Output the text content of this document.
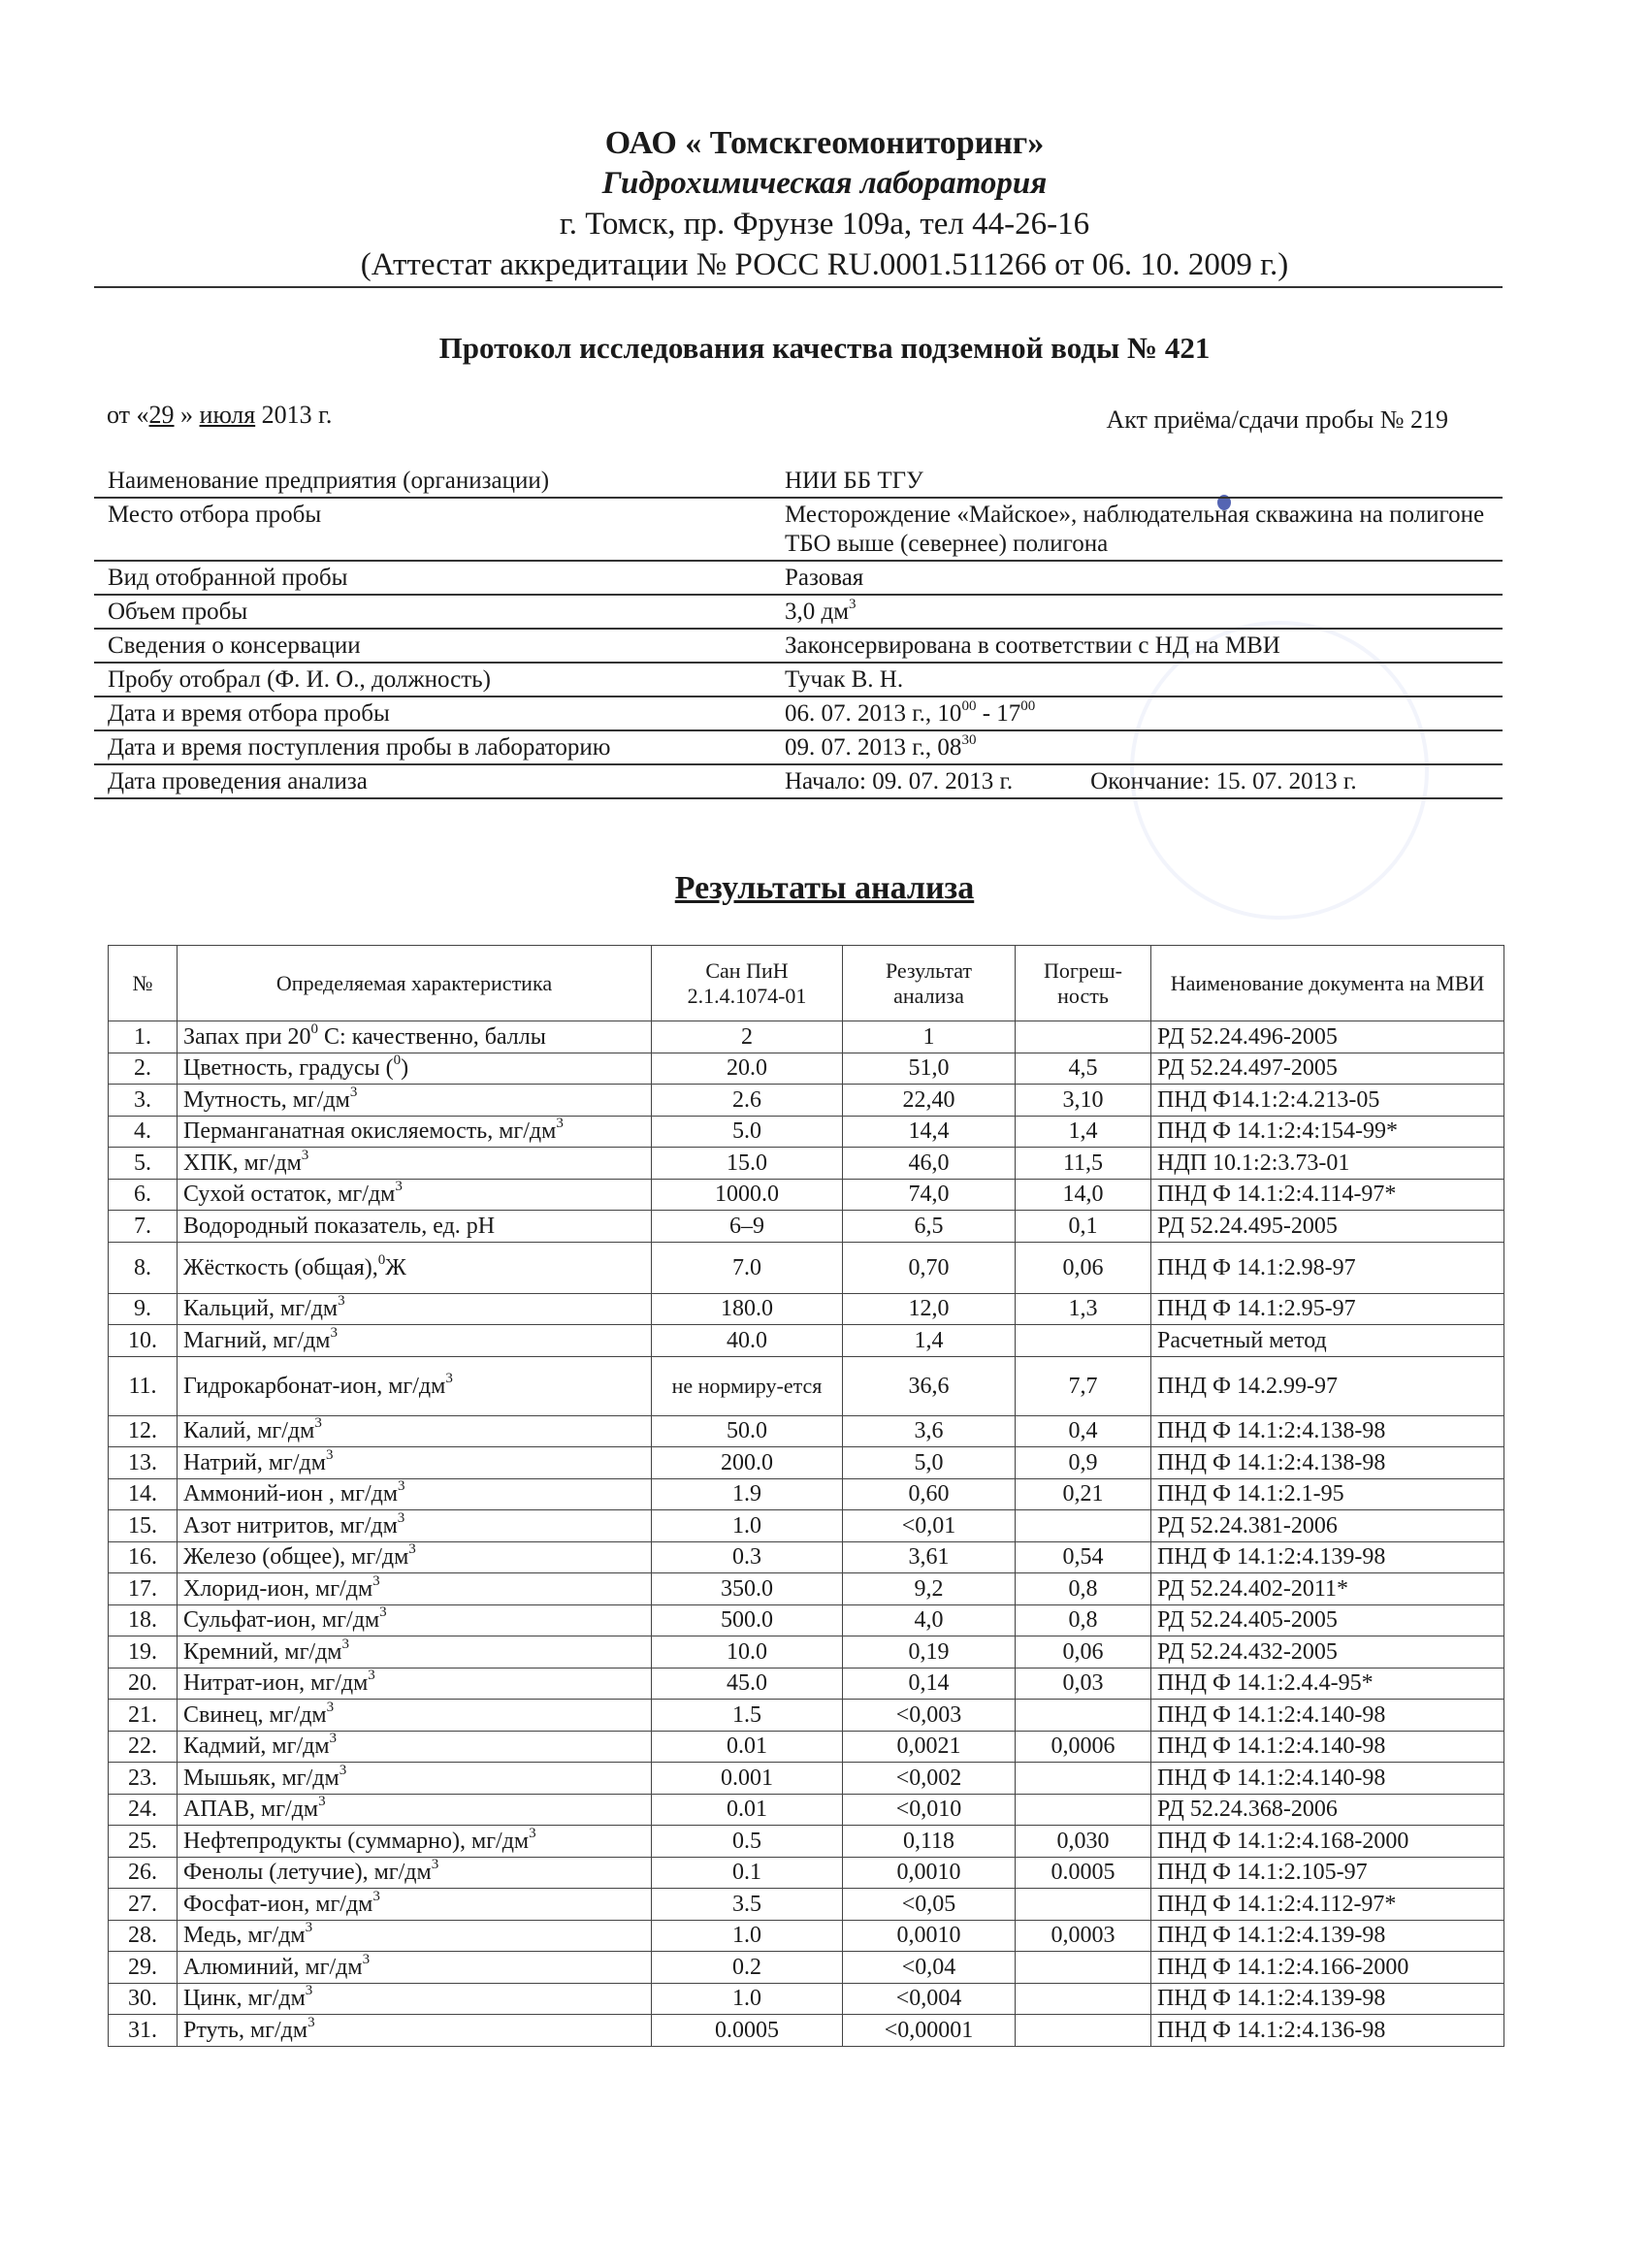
ОАО « Томскгеомониторинг»
Гидрохимическая лаборатория
г. Томск, пр. Фрунзе 109а, тел 44-26-16
(Аттестат аккредитации № РОСС RU.0001.511266 от 06. 10. 2009 г.)
Протокол исследования качества подземной воды № 421
от «29 » июля 2013 г.	Акт приёма/сдачи пробы № 219
Наименование предприятия (организации)	НИИ ББ ТГУ
Место отбора пробы	Месторождение «Майское», наблюдательная скважина на полигоне ТБО выше (севернее) полигона
Вид отобранной пробы	Разовая
Объем пробы	3,0 $дм^3$
Сведения о консервации	Законсервирована в соответствии с НД на МВИ
Пробу отобрал (Ф. И. О., должность)	Тучак В. Н.
Дата и время отбора пробы	06. 07. 2013 г., $10^{00} - 17^{00}$
Дата и время поступления пробы в лабораторию	09. 07. 2013 г., $08^{30}$
Дата проведения анализа	Начало: 09. 07. 2013 г. Окончание: 15. 07. 2013 г.
Результаты анализа
№	Определяемая характеристика	Сан ПиН 2.1.4.1074-01	Результат анализа	Погреш-ность	Наименование документа на МВИ
1.	Запах при $20^0$ С: качественно, баллы	2	1		РД 52.24.496-2005
2.	Цветность, градусы ($^0$)	20.0	51,0	4,5	РД 52.24.497-2005
3.	Мутность, $мг/дм^3$	2.6	22,40	3,10	ПНД Ф14.1:2:4.213-05
4.	Перманганатная окисляемость, $мг/дм^3$	5.0	14,4	1,4	ПНД Ф 14.1:2:4:154-99*
5.	ХПК, $мг/дм^3$	15.0	46,0	11,5	НДП 10.1:2:3.73-01
6.	Сухой остаток, $мг/дм^3$	1000.0	74,0	14,0	ПНД Ф 14.1:2:4.114-97*
7.	Водородный показатель, ед. pH	6–9	6,5	0,1	РД 52.24.495-2005
8.	Жёсткость (общая),$^0$Ж	7.0	0,70	0,06	ПНД Ф 14.1:2.98-97
9.	Кальций, $мг/дм^3$	180.0	12,0	1,3	ПНД Ф 14.1:2.95-97
10.	Магний, $мг/дм^3$	40.0	1,4		Расчетный метод
11.	Гидрокарбонат-ион, $мг/дм^3$	не нормиру-ется	36,6	7,7	ПНД Ф 14.2.99-97
12.	Калий, $мг/дм^3$	50.0	3,6	0,4	ПНД Ф 14.1:2:4.138-98
13.	Натрий, $мг/дм^3$	200.0	5,0	0,9	ПНД Ф 14.1:2:4.138-98
14.	Аммоний-ион , $мг/дм^3$	1.9	0,60	0,21	ПНД Ф 14.1:2.1-95
15.	Азот нитритов, $мг/дм^3$	1.0	<0,01		РД 52.24.381-2006
16.	Железо (общее), $мг/дм^3$	0.3	3,61	0,54	ПНД Ф 14.1:2:4.139-98
17.	Хлорид-ион, $мг/дм^3$	350.0	9,2	0,8	РД 52.24.402-2011*
18.	Сульфат-ион, $мг/дм^3$	500.0	4,0	0,8	РД 52.24.405-2005
19.	Кремний, $мг/дм^3$	10.0	0,19	0,06	РД 52.24.432-2005
20.	Нитрат-ион, $мг/дм^3$	45.0	0,14	0,03	ПНД Ф 14.1:2.4.4-95*
21.	Свинец, $мг/дм^3$	1.5	<0,003		ПНД Ф 14.1:2:4.140-98
22.	Кадмий, $мг/дм^3$	0.01	0,0021	0,0006	ПНД Ф 14.1:2:4.140-98
23.	Мышьяк, $мг/дм^3$	0.001	<0,002		ПНД Ф 14.1:2:4.140-98
24.	АПАВ, $мг/дм^3$	0.01	<0,010		РД 52.24.368-2006
25.	Нефтепродукты (суммарно), $мг/дм^3$	0.5	0,118	0,030	ПНД Ф 14.1:2:4.168-2000
26.	Фенолы (летучие), $мг/дм^3$	0.1	0,0010	0.0005	ПНД Ф 14.1:2.105-97
27.	Фосфат-ион, $мг/дм^3$	3.5	<0,05		ПНД Ф 14.1:2:4.112-97*
28.	Медь, $мг/дм^3$	1.0	0,0010	0,0003	ПНД Ф 14.1:2:4.139-98
29.	Алюминий, $мг/дм^3$	0.2	<0,04		ПНД Ф 14.1:2:4.166-2000
30.	Цинк, $мг/дм^3$	1.0	<0,004		ПНД Ф 14.1:2:4.139-98
31.	Ртуть, $мг/дм^3$	0.0005	<0,00001		ПНД Ф 14.1:2:4.136-98
